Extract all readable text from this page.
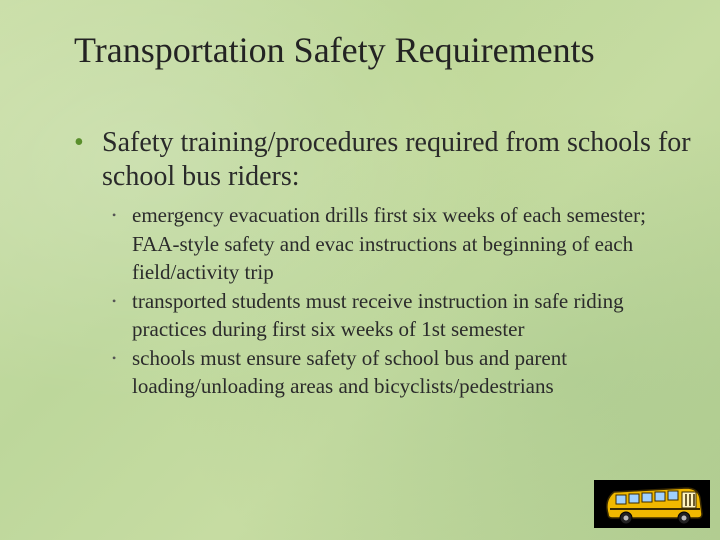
Transportation Safety Requirements
• Safety training/procedures required from schools for school bus riders:
• emergency evacuation drills first six weeks of each semester; FAA-style safety and evac instructions at beginning of each field/activity trip
• transported students must receive instruction in safe riding practices during first six weeks of 1st semester
• schools must ensure safety of school bus and parent loading/unloading areas and bicyclists/pedestrians
